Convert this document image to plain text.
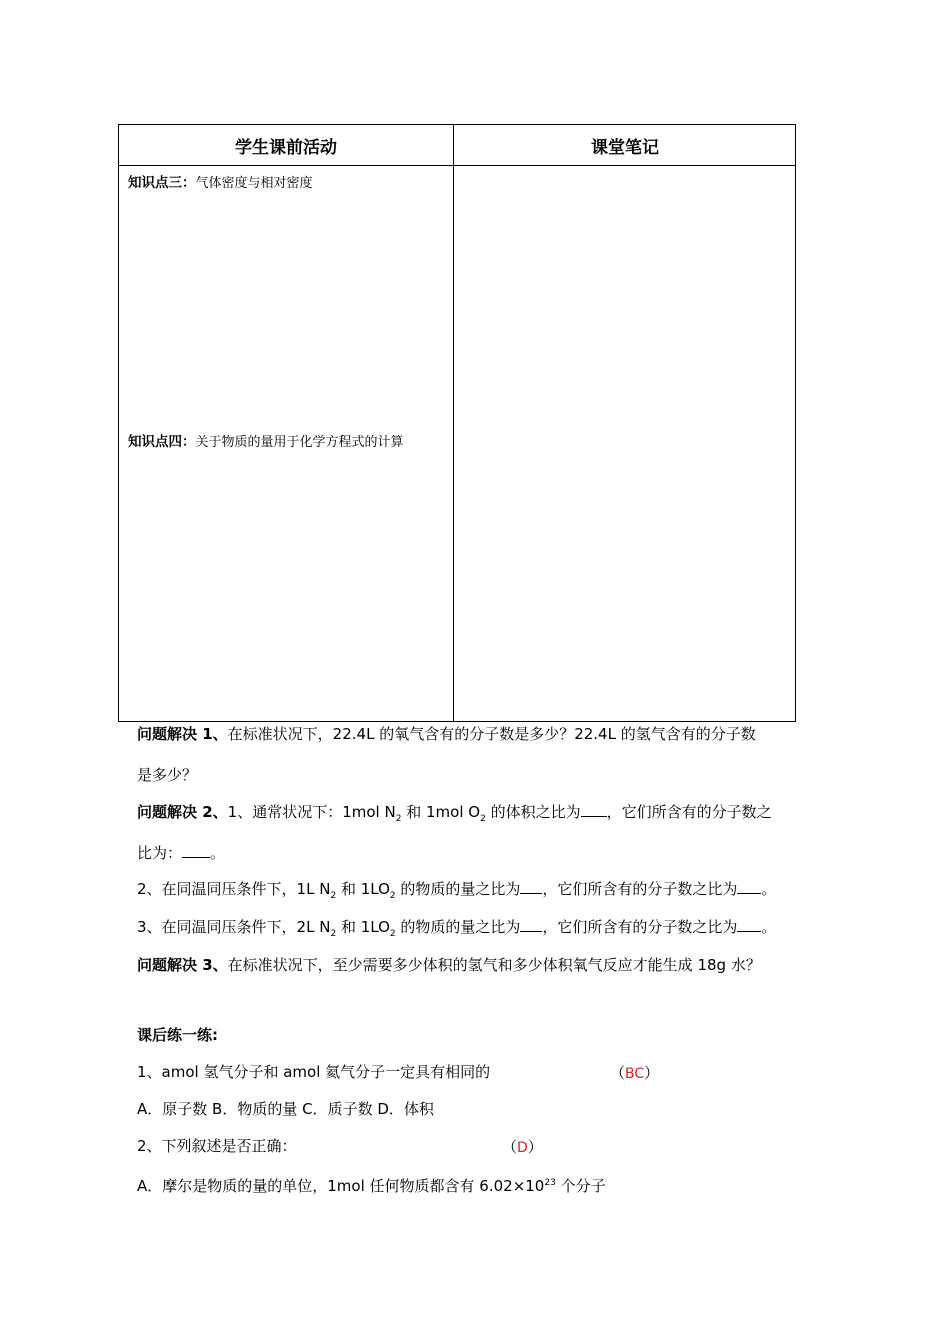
学生课前活动	课堂笔记
知识点三：气体密度与相对密度
知识点四：关于物质的量用于化学方程式的计算
问题解决 1、在标准状况下，22.4L 的氧气含有的分子数是多少？22.4L 的氢气含有的分子数
是多少？
问题解决 2、1、通常状况下：1mol $N_2$ 和 1mol $O_2$ 的体积之比为 ，它们所含有的分子数之
比为： 。
2、在同温同压条件下，1L $N_2$ 和 $1LO_2$ 的物质的量之比为 ，它们所含有的分子数之比为 。
3、在同温同压条件下，2L $N_2$ 和 $1LO_2$ 的物质的量之比为 ，它们所含有的分子数之比为 。
问题解决 3、在标准状况下，至少需要多少体积的氢气和多少体积氧气反应才能生成 18g 水？
课后练一练:
1、amol 氢气分子和 amol 氦气分子一定具有相同的	（BC）
A．原子数 B．物质的量 C．质子数 D．体积
2、下列叙述是否正确：	（D）
A．摩尔是物质的量的单位，1mol 任何物质都含有 $6.02\times 10^{23}$ 个分子
